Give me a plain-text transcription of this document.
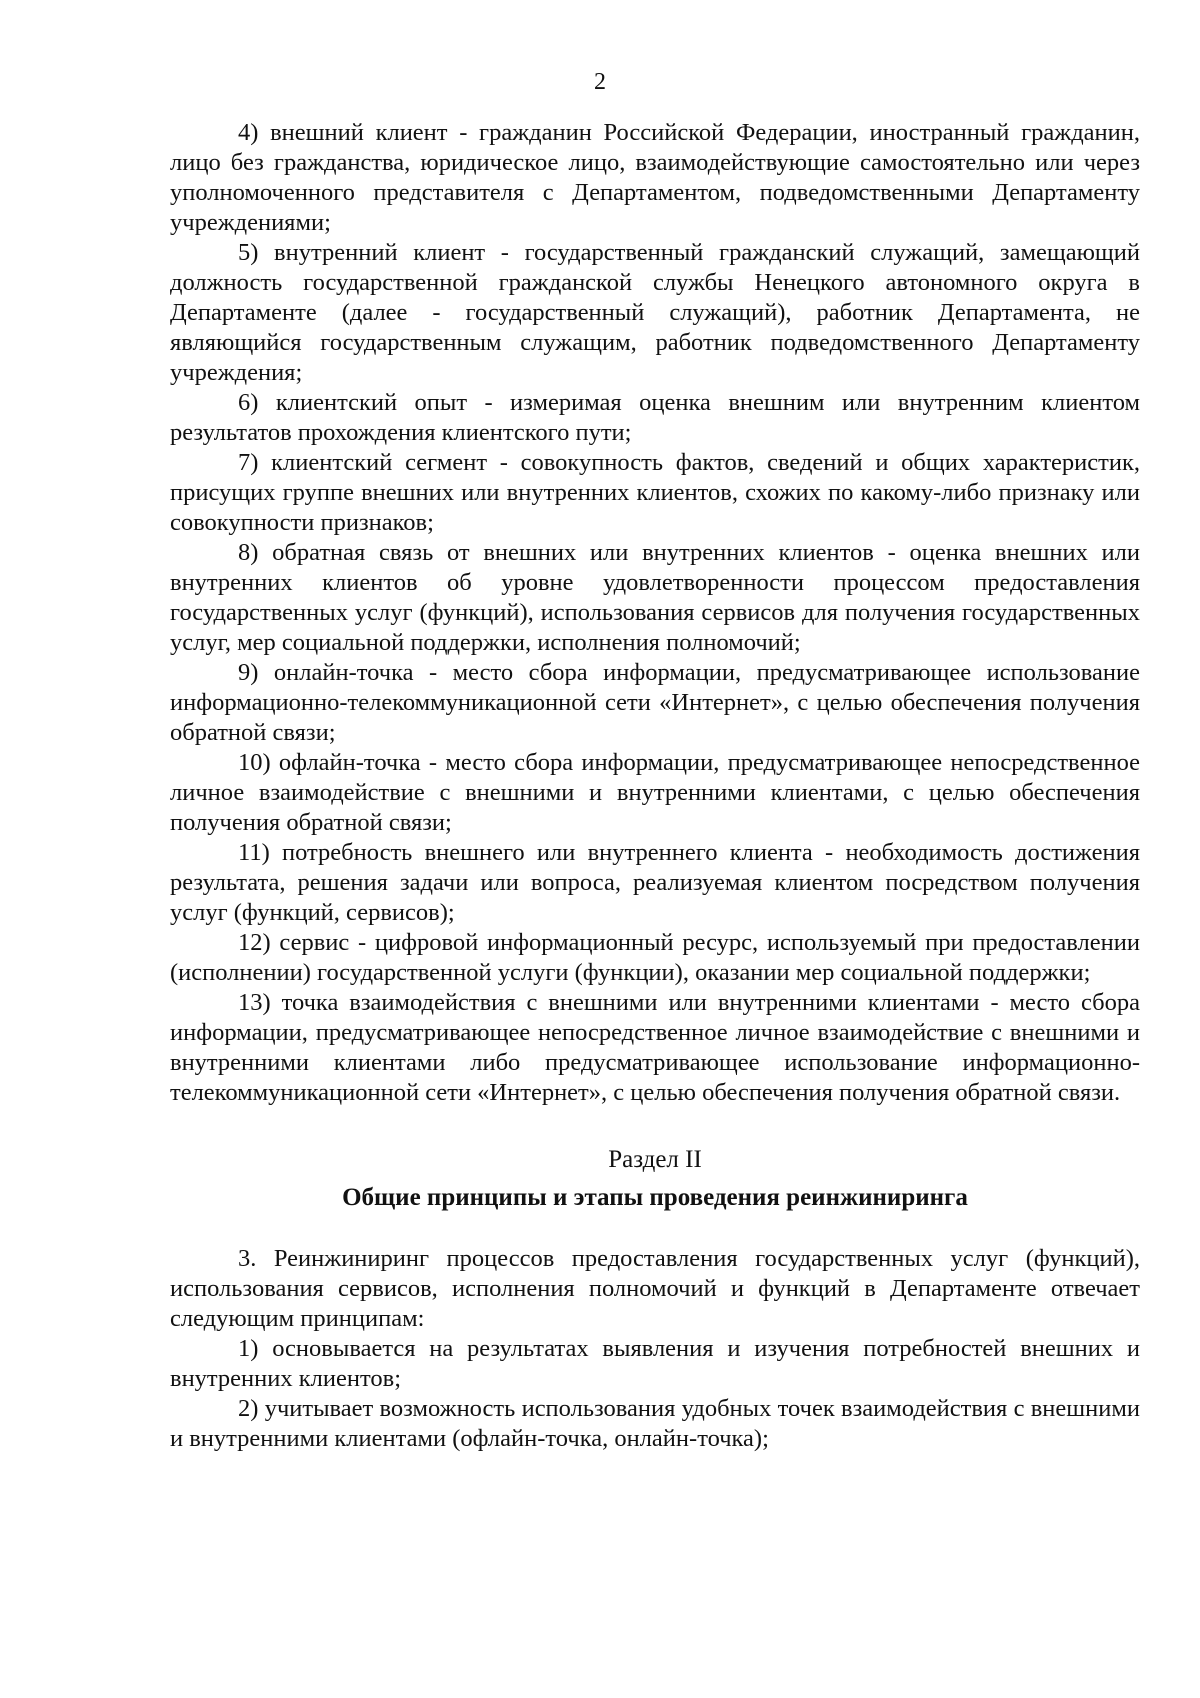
2

4) внешний клиент - гражданин Российской Федерации, иностранный гражданин, лицо без гражданства, юридическое лицо, взаимодействующие самостоятельно или через уполномоченного представителя с Департаментом, подведомственными Департаменту учреждениями;

5) внутренний клиент - государственный гражданский служащий, замещающий должность государственной гражданской службы Ненецкого автономного округа в Департаменте (далее - государственный служащий), работник Департамента, не являющийся государственным служащим, работник подведомственного Департаменту учреждения;

6) клиентский опыт - измеримая оценка внешним или внутренним клиентом результатов прохождения клиентского пути;

7) клиентский сегмент - совокупность фактов, сведений и общих характеристик, присущих группе внешних или внутренних клиентов, схожих по какому-либо признаку или совокупности признаков;

8) обратная связь от внешних или внутренних клиентов - оценка внешних или внутренних клиентов об уровне удовлетворенности процессом предоставления государственных услуг (функций), использования сервисов для получения государственных услуг, мер социальной поддержки, исполнения полномочий;

9) онлайн-точка - место сбора информации, предусматривающее использование информационно-телекоммуникационной сети «Интернет», с целью обеспечения получения обратной связи;

10) офлайн-точка - место сбора информации, предусматривающее непосредственное личное взаимодействие с внешними и внутренними клиентами, с целью обеспечения получения обратной связи;

11) потребность внешнего или внутреннего клиента - необходимость достижения результата, решения задачи или вопроса, реализуемая клиентом посредством получения услуг (функций, сервисов);

12) сервис - цифровой информационный ресурс, используемый при предоставлении (исполнении) государственной услуги (функции), оказании мер социальной поддержки;

13) точка взаимодействия с внешними или внутренними клиентами - место сбора информации, предусматривающее непосредственное личное взаимодействие с внешними и внутренними клиентами либо предусматривающее использование информационно-телекоммуникационной сети «Интернет», с целью обеспечения получения обратной связи.

Раздел II
Общие принципы и этапы проведения реинжиниринга

3. Реинжиниринг процессов предоставления государственных услуг (функций), использования сервисов, исполнения полномочий и функций в Департаменте отвечает следующим принципам:

1) основывается на результатах выявления и изучения потребностей внешних и внутренних клиентов;

2) учитывает возможность использования удобных точек взаимодействия с внешними и внутренними клиентами (офлайн-точка, онлайн-точка);
